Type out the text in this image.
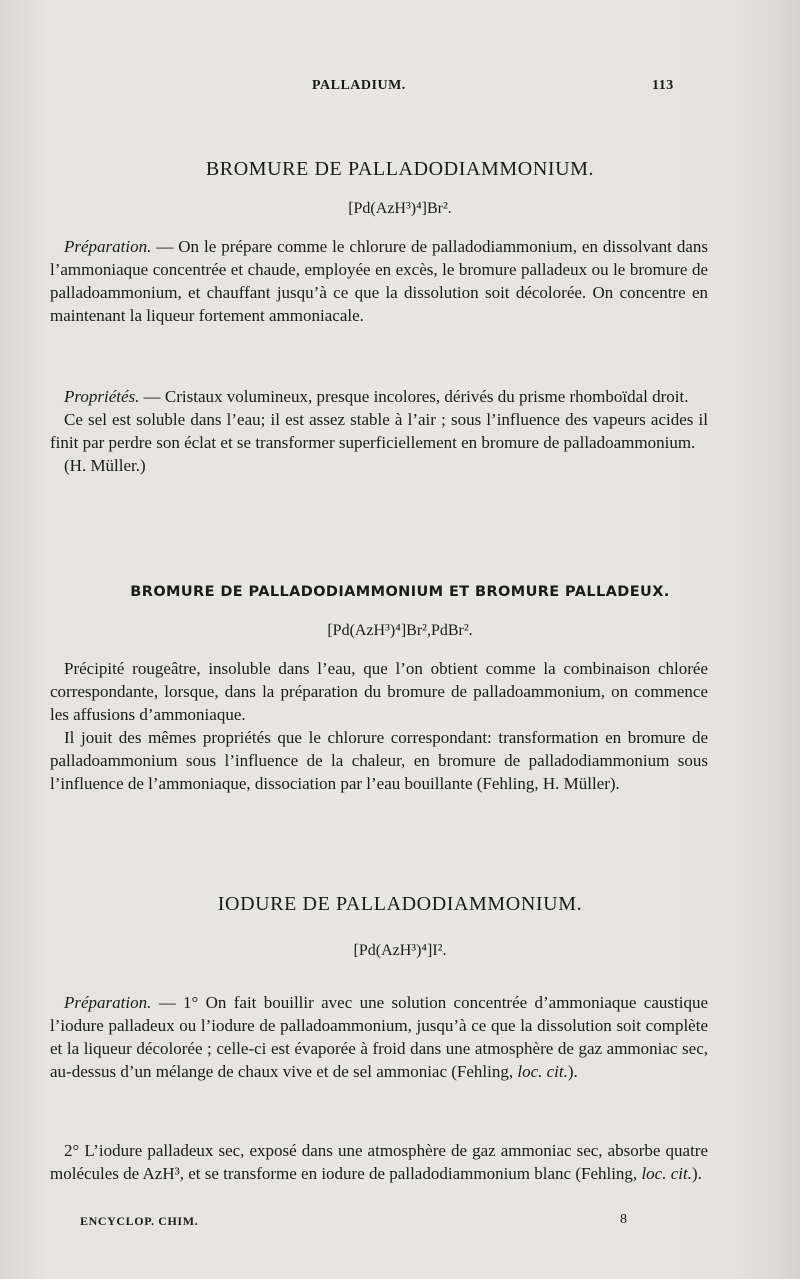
PALLADIUM.	113
BROMURE DE PALLADODIAMMONIUM.
[Pd(AzH³)⁴]Br².

Préparation. — On le prépare comme le chlorure de palladodiammonium, en dissolvant dans l’ammoniaque concentrée et chaude, employée en excès, le bromure palladeux ou le bromure de palladoammonium, et chauffant jusqu’à ce que la dissolution soit décolorée. On concentre en maintenant la liqueur fortement ammoniacale.

Propriétés. — Cristaux volumineux, presque incolores, dérivés du prisme rhomboïdal droit.

Ce sel est soluble dans l’eau; il est assez stable à l’air ; sous l’influence des vapeurs acides il finit par perdre son éclat et se transformer superficiellement en bromure de palladoammonium.

(H. Müller.)

BROMURE DE PALLADODIAMMONIUM ET BROMURE PALLADEUX.
[Pd(AzH³)⁴]Br²,PdBr².

Précipité rougeâtre, insoluble dans l’eau, que l’on obtient comme la combinaison chlorée correspondante, lorsque, dans la préparation du bromure de palladoammonium, on commence les affusions d’ammoniaque.

Il jouit des mêmes propriétés que le chlorure correspondant: transformation en bromure de palladoammonium sous l’influence de la chaleur, en bromure de palladodiammonium sous l’influence de l’ammoniaque, dissociation par l’eau bouillante (Fehling, H. Müller).

IODURE DE PALLADODIAMMONIUM.
[Pd(AzH³)⁴]I².

Préparation. — 1° On fait bouillir avec une solution concentrée d’ammoniaque caustique l’iodure palladeux ou l’iodure de palladoammonium, jusqu’à ce que la dissolution soit complète et la liqueur décolorée ; celle-ci est évaporée à froid dans une atmosphère de gaz ammoniac sec, au-dessus d’un mélange de chaux vive et de sel ammoniac (Fehling, loc. cit.).

2° L’iodure palladeux sec, exposé dans une atmosphère de gaz ammoniac sec, absorbe quatre molécules de AzH³, et se transforme en iodure de palladodiammonium blanc (Fehling, loc. cit.).

ENCYCLOP. CHIM.	8
